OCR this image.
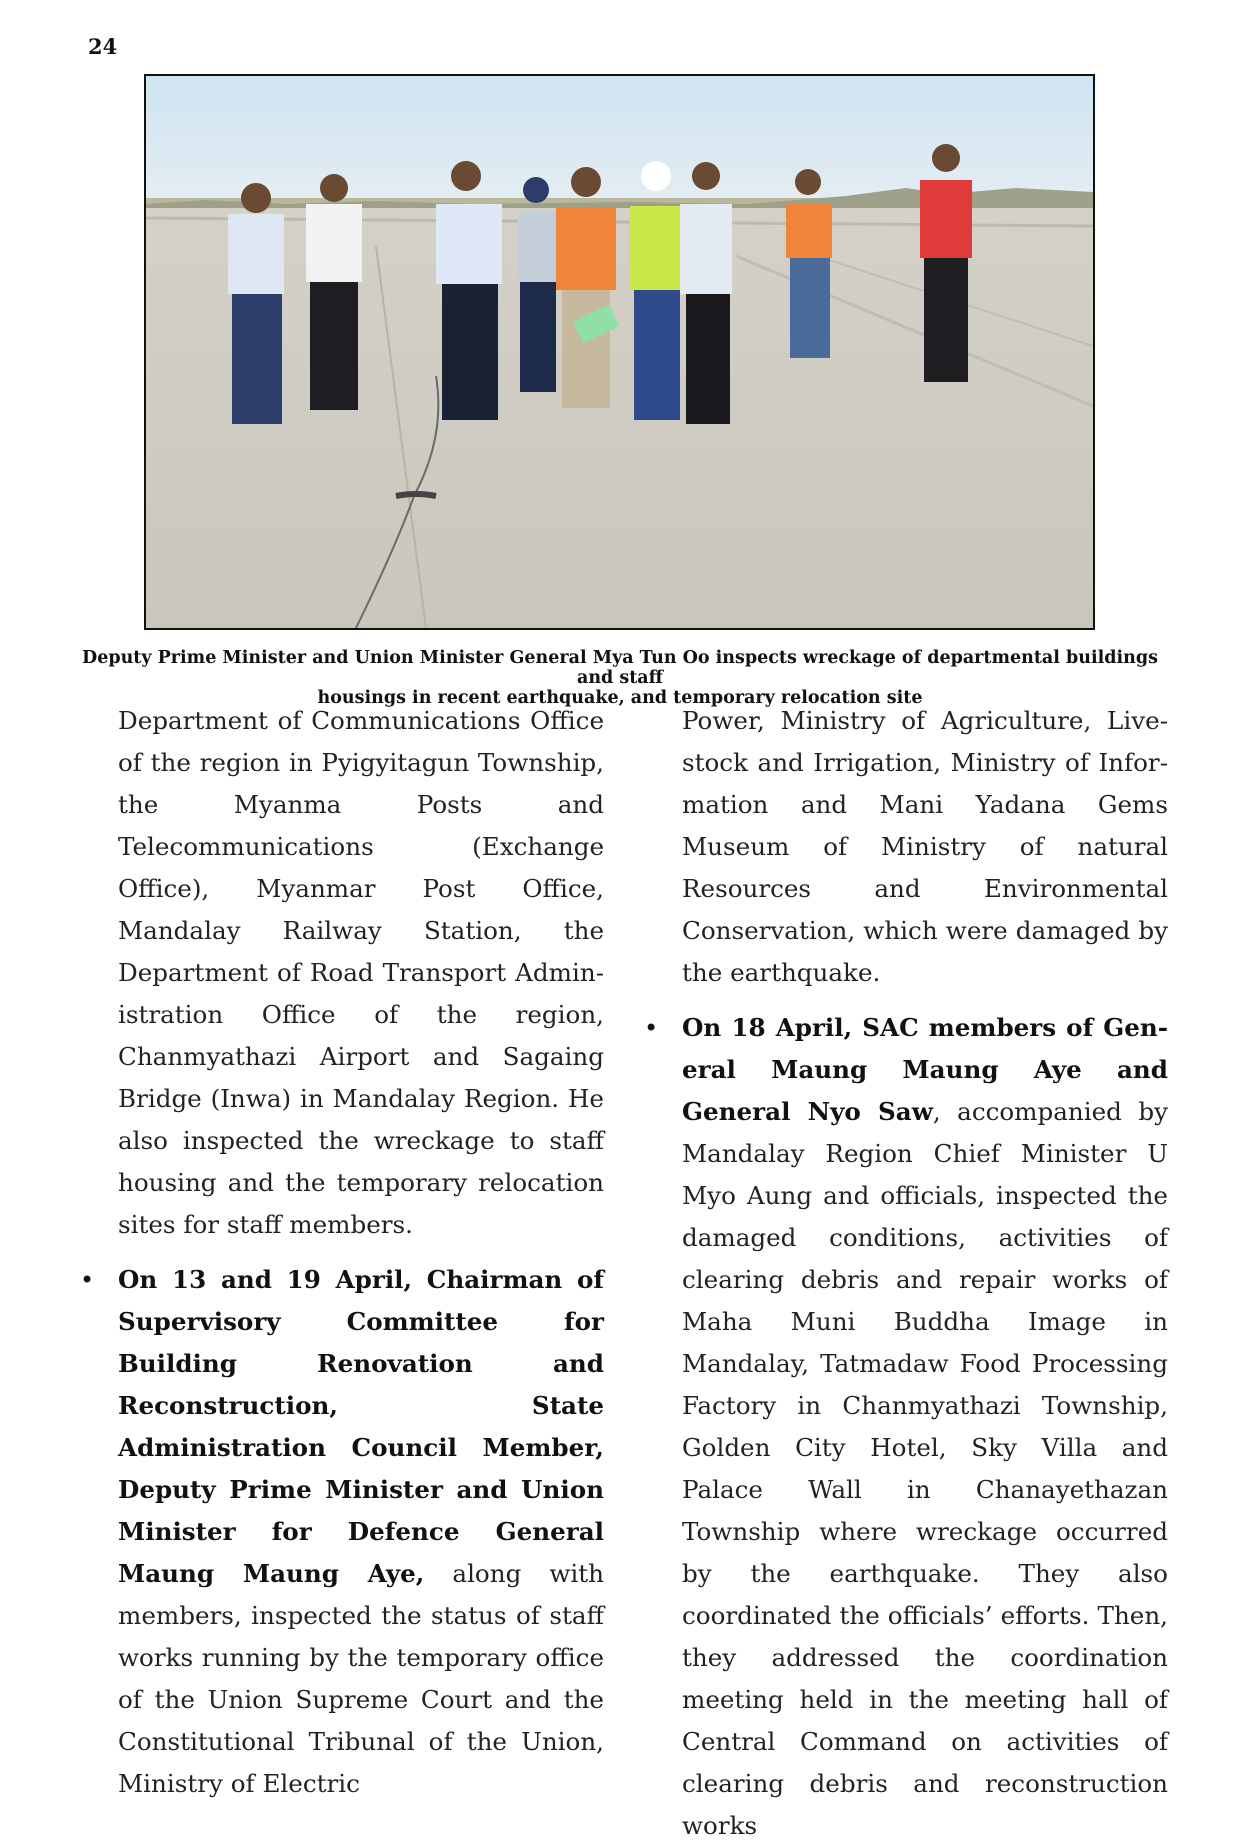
24
Deputy Prime Minister and Union Minister General Mya Tun Oo inspects wreckage of departmental buildings and staff
housings in recent earthquake, and temporary relocation site

Department of Communications Office of the region in Pyigyitagun Township, the Myanma Posts and Telecommunications (Exchange Office), Myanmar Post Office, Mandalay Railway Station, the Department of Road Transport Administration Office of the region, Chanmyathazi Airport and Sagaing Bridge (Inwa) in Mandalay Region. He also inspected the wreckage to staff housing and the temporary relocation sites for staff members.

• On 13 and 19 April, Chairman of Supervisory Committee for Building Renovation and Reconstruction, State Administration Council Member, Deputy Prime Minister and Union Minister for Defence General Maung Maung Aye, along with members, inspected the status of staff works running by the temporary office of the Union Supreme Court and the Constitutional Tribunal of the Union, Ministry of Electric

Power, Ministry of Agriculture, Livestock and Irrigation, Ministry of Information and Mani Yadana Gems Museum of Ministry of natural Resources and Environmental Conservation, which were damaged by the earthquake.

• On 18 April, SAC members of General Maung Maung Aye and General Nyo Saw, accompanied by Mandalay Region Chief Minister U Myo Aung and officials, inspected the damaged conditions, activities of clearing debris and repair works of Maha Muni Buddha Image in Mandalay, Tatmadaw Food Processing Factory in Chanmyathazi Township, Golden City Hotel, Sky Villa and Palace Wall in Chanayethazan Township where wreckage occurred by the earthquake. They also coordinated the officials’ efforts. Then, they addressed the coordination meeting held in the meeting hall of Central Command on activities of clearing debris and reconstruction works
